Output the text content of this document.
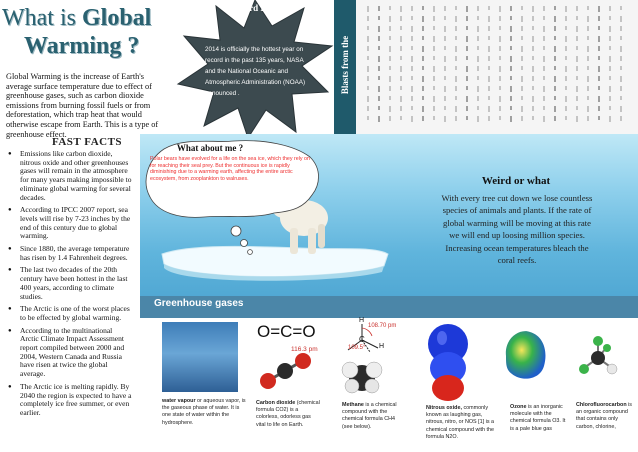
What is Global
Warming ?
Global Warming is the increase of Earth's average surface temperature due to effect of greenhouse gases, such as carbon dioxide emissions from burning fossil fuels or from deforestation, which trap heat that would otherwise escape from Earth. This is a type of greenhouse effect.
Record Breaker
2014 is officially the hottest year on record in the past 135 years, NASA and the National Oceanic and Atmospheric Administration (NOAA) announced .	Blasts from the
FAST FACTS
● Emissions like carbon dioxide, nitrous oxide and other greenhouses gases will remain in the atmosphere for many years making impossible to eliminate global warming for several decades.
● According to IPCC 2007 report, sea levels will rise by 7-23 inches by the end of this century due to global warming.
● Since 1880, the average temperature has risen by 1.4 Fahrenheit degrees.
● The last two decades of the 20th century have been hottest in the last 400 years, according to climate studies.
● The Arctic is one of the worst places to be effected by global warming.
● According to the multinational Arctic Climate Impact Assessment report compiled between 2000 and 2004, Western Canada and Russia have risen at twice the global average.
● The Arctic ice is melting rapidly. By 2040 the region is expected to have a completely ice free summer, or even earlier.
What about me ?
Polar bears have evolved for a life on the sea ice, which they rely on for reaching their seal prey. But the continuous ice is rapidly diminishing due to a warming earth, affecting the entire arctic ecosystem, from zooplankton to walruses.	Weird or what
With every tree cut down we lose countless species of animals and plants. If the rate of global warming will be moving at this rate we will end up loosing million species. Increasing ocean temperatures bleach the coral reefs.
Greenhouse gases
water vapour or aqueous vapor, is the gaseous phase of water. It is one state of water within the hydrosphere.
O=C=O
116.3 pm
Carbon dioxide (chemical formula CO2) is a colorless, odorless gas vital to life on Earth.
H
C
H
108.70 pm
109.5°
Methane is a chemical compound with the chemical formula CH4 (see below).
Nitrous oxide, commonly known as laughing gas, nitrous, nitro, or NOS [1] is a chemical compound with the formula N2O.
Ozone is an inorganic molecule with the chemical formula O3. It is a pale blue gas
Chlorofluorocarbon is an organic compound that contains only carbon, chlorine,
